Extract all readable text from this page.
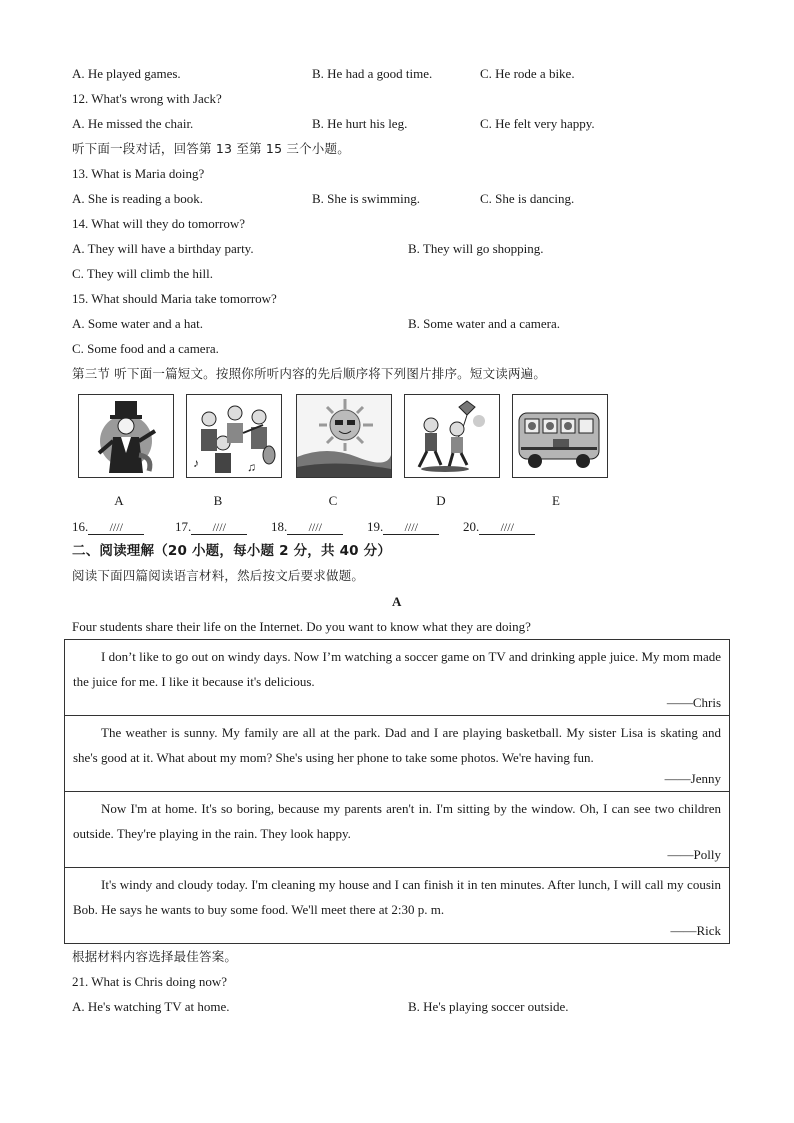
A. He played games.	B. He had a good time.	C. He rode a bike.
12. What's wrong with Jack?
A. He missed the chair.	B. He hurt his leg.	C. He felt very happy.
听下面一段对话，回答第 13 至第 15 三个小题。
13. What is Maria doing?
A. She is reading a book.	B. She is swimming.	C. She is dancing.
14. What will they do tomorrow?
A. They will have a birthday party.	B. They will go shopping.
C. They will climb the hill.
15. What should Maria take tomorrow?
A. Some water and a hat.	B. Some water and a camera.
C. Some food and a camera.
第三节 听下面一篇短文。按照你所听内容的先后顺序将下列图片排序。短文读两遍。
♪	♫
A	B	C	D	E
16. ////	17. ////	18. ////	19. ////	20. ////
二、阅读理解（20 小题，每小题 2 分，共 40 分）
阅读下面四篇阅读语言材料，然后按文后要求做题。
A
Four students share their life on the Internet. Do you want to know what they are doing?
I don’t like to go out on windy days. Now I’m watching a soccer game on TV and drinking apple juice. My mom made the juice for me. I like it because it's delicious.
——Chris
The weather is sunny. My family are all at the park. Dad and I are playing basketball. My sister Lisa is skating and she's good at it. What about my mom? She's using her phone to take some photos. We're having fun.
——Jenny
Now I'm at home. It's so boring, because my parents aren't in. I'm sitting by the window. Oh, I can see two children outside. They're playing in the rain. They look happy.
——Polly
It's windy and cloudy today. I'm cleaning my house and I can finish it in ten minutes. After lunch, I will call my cousin Bob. He says he wants to buy some food. We'll meet there at 2:30 p. m.
——Rick
根据材料内容选择最佳答案。
21. What is Chris doing now?
A. He's watching TV at home.	B. He's playing soccer outside.
